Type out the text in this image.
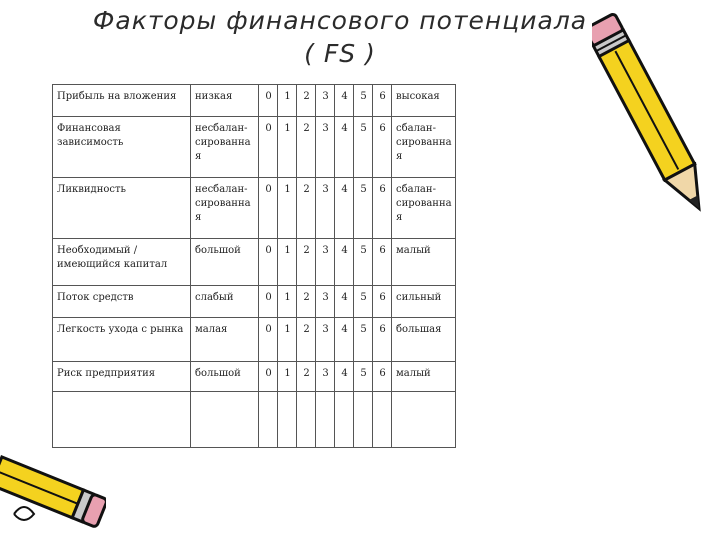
Факторы финансового потенциала
( FS )
Прибыль на вложения	низкая	0	1	2	3	4	5	6	высокая
Финансовая зависимость	несбалан-сированна я	0	1	2	3	4	5	6	сбалан-сированна я
Ликвидность	несбалан-сированна я	0	1	2	3	4	5	6	сбалан-сированна я
Необходимый / имеющийся капитал	большой	0	1	2	3	4	5	6	малый
Поток средств	слабый	0	1	2	3	4	5	6	сильный
Легкость ухода с рынка	малая	0	1	2	3	4	5	6	большая
Риск предприятия	большой	0	1	2	3	4	5	6	малый
